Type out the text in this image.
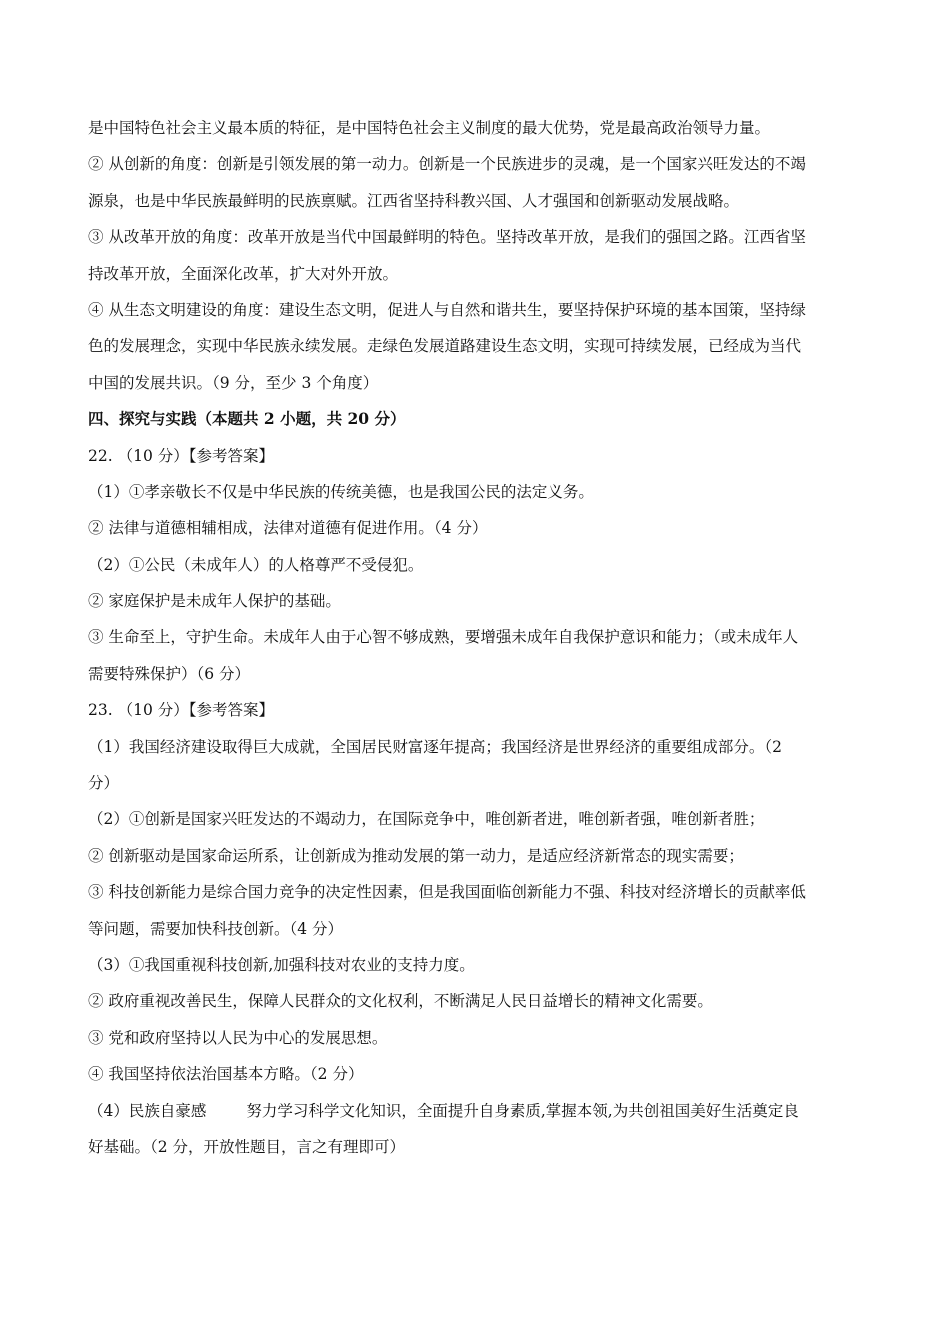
是中国特色社会主义最本质的特征，是中国特色社会主义制度的最大优势，党是最高政治领导力量。
② 从创新的角度：创新是引领发展的第一动力。创新是一个民族进步的灵魂，是一个国家兴旺发达的不竭
源泉，也是中华民族最鲜明的民族禀赋。江西省坚持科教兴国、人才强国和创新驱动发展战略。
③ 从改革开放的角度：改革开放是当代中国最鲜明的特色。坚持改革开放，是我们的强国之路。江西省坚
持改革开放，全面深化改革，扩大对外开放。
④ 从生态文明建设的角度：建设生态文明，促进人与自然和谐共生，要坚持保护环境的基本国策，坚持绿
色的发展理念，实现中华民族永续发展。走绿色发展道路建设生态文明，实现可持续发展，已经成为当代
中国的发展共识。（9 分，至少 3 个角度）
四、探究与实践（本题共 2 小题，共 20 分）
22. （10 分）【参考答案】
（1）①孝亲敬长不仅是中华民族的传统美德，也是我国公民的法定义务。
② 法律与道德相辅相成，法律对道德有促进作用。（4 分）
（2）①公民（未成年人）的人格尊严不受侵犯。
② 家庭保护是未成年人保护的基础。
③ 生命至上，守护生命。未成年人由于心智不够成熟，要增强未成年自我保护意识和能力；（或未成年人
需要特殊保护）（6 分）
23. （10 分）【参考答案】
（1）我国经济建设取得巨大成就，全国居民财富逐年提高；我国经济是世界经济的重要组成部分。（2
分）
（2）①创新是国家兴旺发达的不竭动力，在国际竞争中，唯创新者进，唯创新者强，唯创新者胜；
② 创新驱动是国家命运所系，让创新成为推动发展的第一动力，是适应经济新常态的现实需要；
③ 科技创新能力是综合国力竞争的决定性因素，但是我国面临创新能力不强、科技对经济增长的贡献率低
等问题，需要加快科技创新。（4 分）
（3）①我国重视科技创新,加强科技对农业的支持力度。
② 政府重视改善民生，保障人民群众的文化权利，不断满足人民日益增长的精神文化需要。
③ 党和政府坚持以人民为中心的发展思想。
④ 我国坚持依法治国基本方略。（2 分）
（4）民族自豪感	努力学习科学文化知识，全面提升自身素质,掌握本领,为共创祖国美好生活奠定良
好基础。（2 分，开放性题目，言之有理即可）
